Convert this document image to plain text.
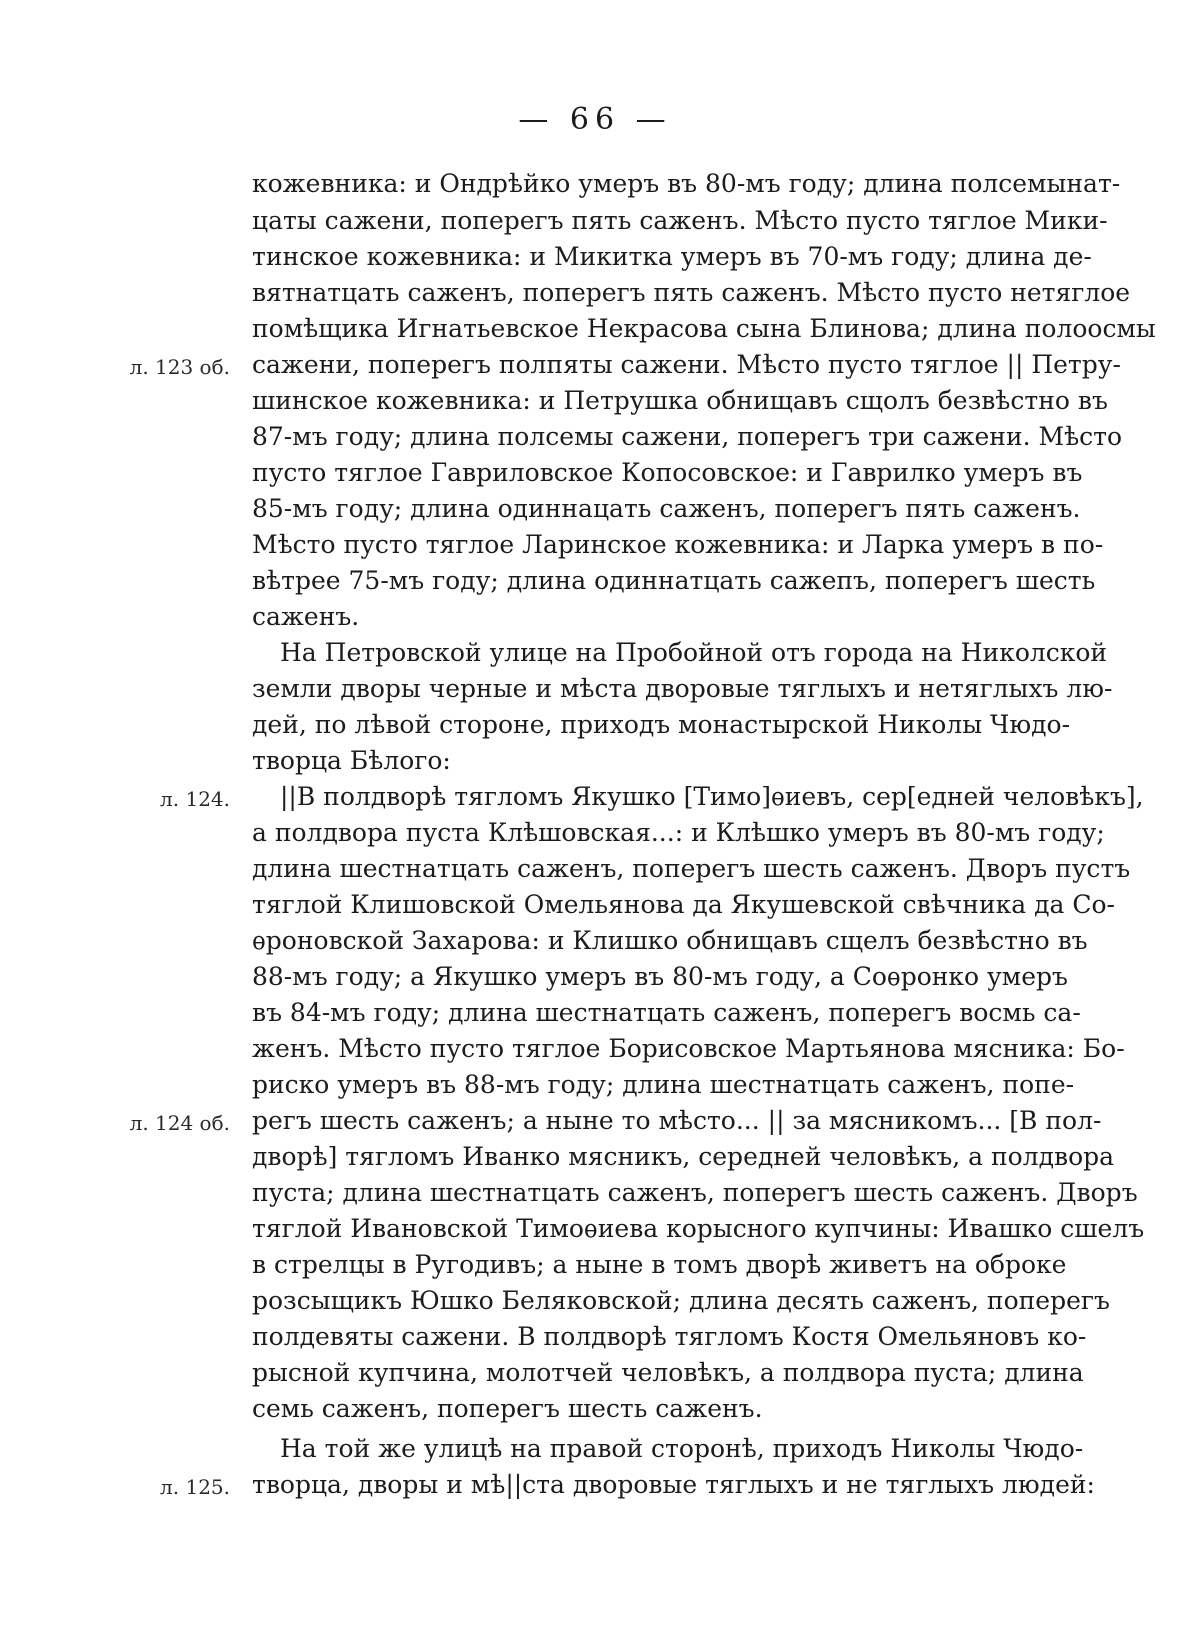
— 66 —
кожевника: и Ондрѣйко умеръ въ 80-мъ году; длина полсемынат-
цаты сажени, поперегъ пять саженъ. Мѣсто пусто тяглое Мики-
тинское кожевника: и Микитка умеръ въ 70-мъ году; длина де-
вятнатцать саженъ, поперегъ пять саженъ. Мѣсто пусто нетяглое
помѣщика Игнатьевское Некрасова сына Блинова; длина полоосмы
сажени, поперегъ полпяты сажени. Мѣсто пусто тяглое || Петру-
шинское кожевника: и Петрушка обнищавъ сщолъ безвѣстно въ
87-мъ году; длина полсемы сажени, поперегъ три сажени. Мѣсто
пусто тяглое Гавриловское Копосовское: и Гаврилко умеръ въ
85-мъ году; длина одиннацать саженъ, поперегъ пять саженъ.
Мѣсто пусто тяглое Ларинское кожевника: и Ларка умеръ в по-
вѣтрее 75-мъ году; длина одиннатцать сажепъ, поперегъ шесть
саженъ.
На Петровской улице на Пробойной отъ города на Николской
земли дворы черные и мѣста дворовые тяглыхъ и нетяглыхъ лю-
дей, по лѣвой стороне, приходъ монастырской Николы Чюдо-
творца Бѣлого:
||В полдворѣ тягломъ Якушко [Тимо]ѳиевъ, сер[едней человѣкъ],
а полдвора пуста Клѣшовская...: и Клѣшко умеръ въ 80-мъ году;
длина шестнатцать саженъ, поперегъ шесть саженъ. Дворъ пустъ
тяглой Клишовской Омельянова да Якушевской свѣчника да Со-
ѳроновской Захарова: и Клишко обнищавъ сщелъ безвѣстно въ
88-мъ году; а Якушко умеръ въ 80-мъ году, а Соѳронко умеръ
въ 84-мъ году; длина шестнатцать саженъ, поперегъ восмь са-
женъ. Мѣсто пусто тяглое Борисовское Мартьянова мясника: Бо-
риско умеръ въ 88-мъ году; длина шестнатцать саженъ, попе-
регъ шесть саженъ; а ныне то мѣсто... || за мясникомъ... [В пол-
дворѣ] тягломъ Иванко мясникъ, середней человѣкъ, а полдвора
пуста; длина шестнатцать саженъ, поперегъ шесть саженъ. Дворъ
тяглой Ивановской Тимоѳиева корысного купчины: Ивашко сшелъ
в стрелцы в Ругодивъ; а ныне в томъ дворѣ живетъ на оброке
розсыщикъ Юшко Беляковской; длина десять саженъ, поперегъ
полдевяты сажени. В полдворѣ тягломъ Костя Омельяновъ ко-
рысной купчина, молотчей человѣкъ, а полдвора пуста; длина
семь саженъ, поперегъ шесть саженъ.
На той же улицѣ на правой сторонѣ, приходъ Николы Чюдо-
творца, дворы и мѣ||ста дворовые тяглыхъ и не тяглыхъ людей:
л. 123 об.
л. 124.
л. 124 об.
л. 125.
